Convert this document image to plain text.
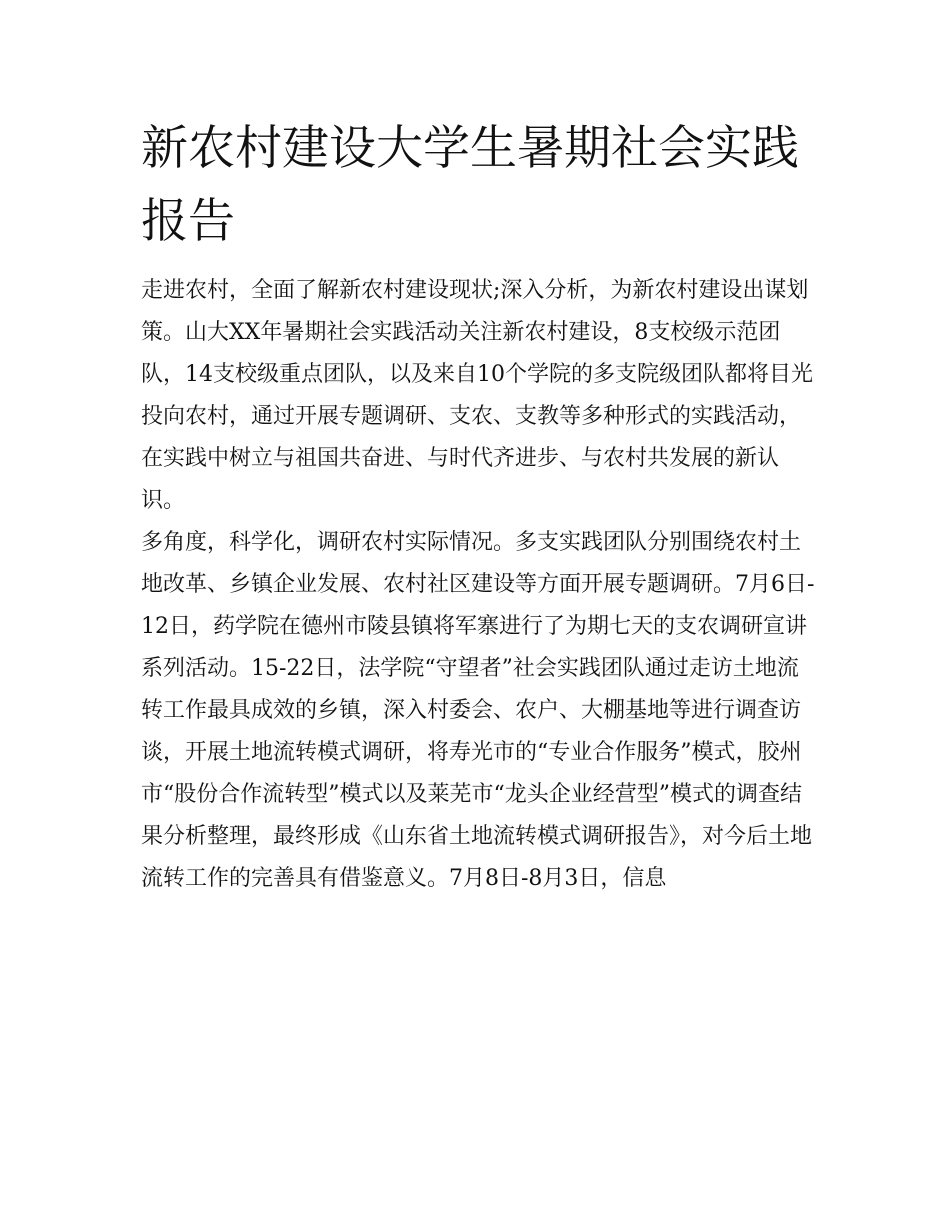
新农村建设大学生暑期社会实践报告

走进农村，全面了解新农村建设现状;深入分析，为新农村建设出谋划策。山大XX年暑期社会实践活动关注新农村建设，8支校级示范团队，14支校级重点团队，以及来自10个学院的多支院级团队都将目光投向农村，通过开展专题调研、支农、支教等多种形式的实践活动，在实践中树立与祖国共奋进、与时代齐进步、与农村共发展的新认识。

多角度，科学化，调研农村实际情况。多支实践团队分别围绕农村土地改革、乡镇企业发展、农村社区建设等方面开展专题调研。7月6日-12日，药学院在德州市陵县镇将军寨进行了为期七天的支农调研宣讲系列活动。15-22日，法学院“守望者”社会实践团队通过走访土地流转工作最具成效的乡镇，深入村委会、农户、大棚基地等进行调查访谈，开展土地流转模式调研，将寿光市的“专业合作服务”模式，胶州市“股份合作流转型”模式以及莱芜市“龙头企业经营型”模式的调查结果分析整理，最终形成《山东省土地流转模式调研报告》，对今后土地流转工作的完善具有借鉴意义。7月8日-8月3日，信息
